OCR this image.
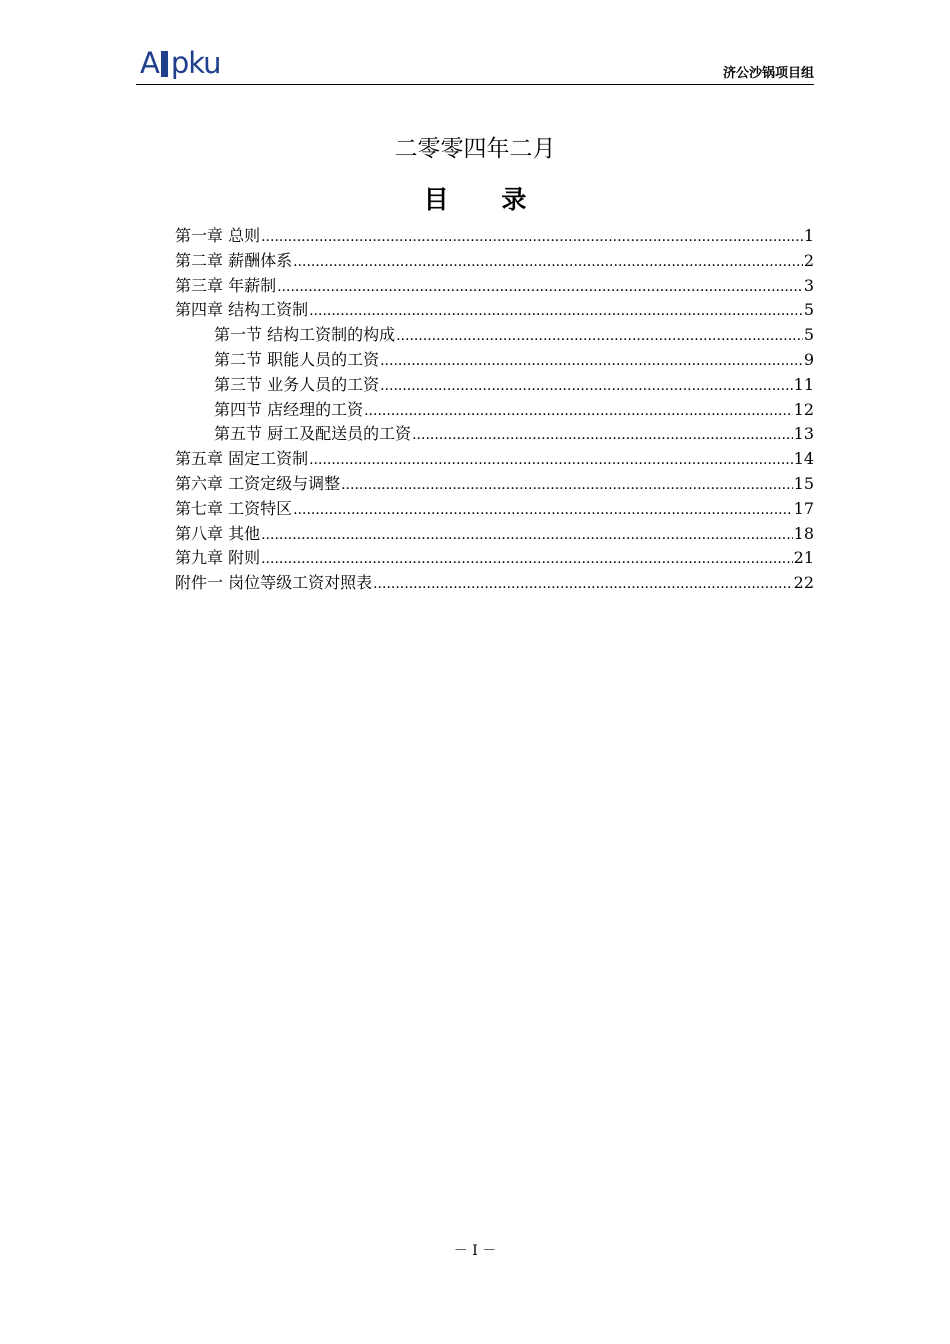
A pku	济公沙锅项目组
二零零四年二月
目 录
第一章 总则 .....	1
第二章 薪酬体系 .....	2
第三章 年薪制 .....	3
第四章 结构工资制 .....	5
第一节 结构工资制的构成 .....	5
第二节 职能人员的工资 .....	9
第三节 业务人员的工资 .....	11
第四节 店经理的工资 .....	12
第五节 厨工及配送员的工资 .....	13
第五章 固定工资制 .....	14
第六章 工资定级与调整 .....	15
第七章 工资特区 .....	17
第八章 其他 .....	18
第九章 附则 .....	21
附件一 岗位等级工资对照表 .....	22
－ I －
